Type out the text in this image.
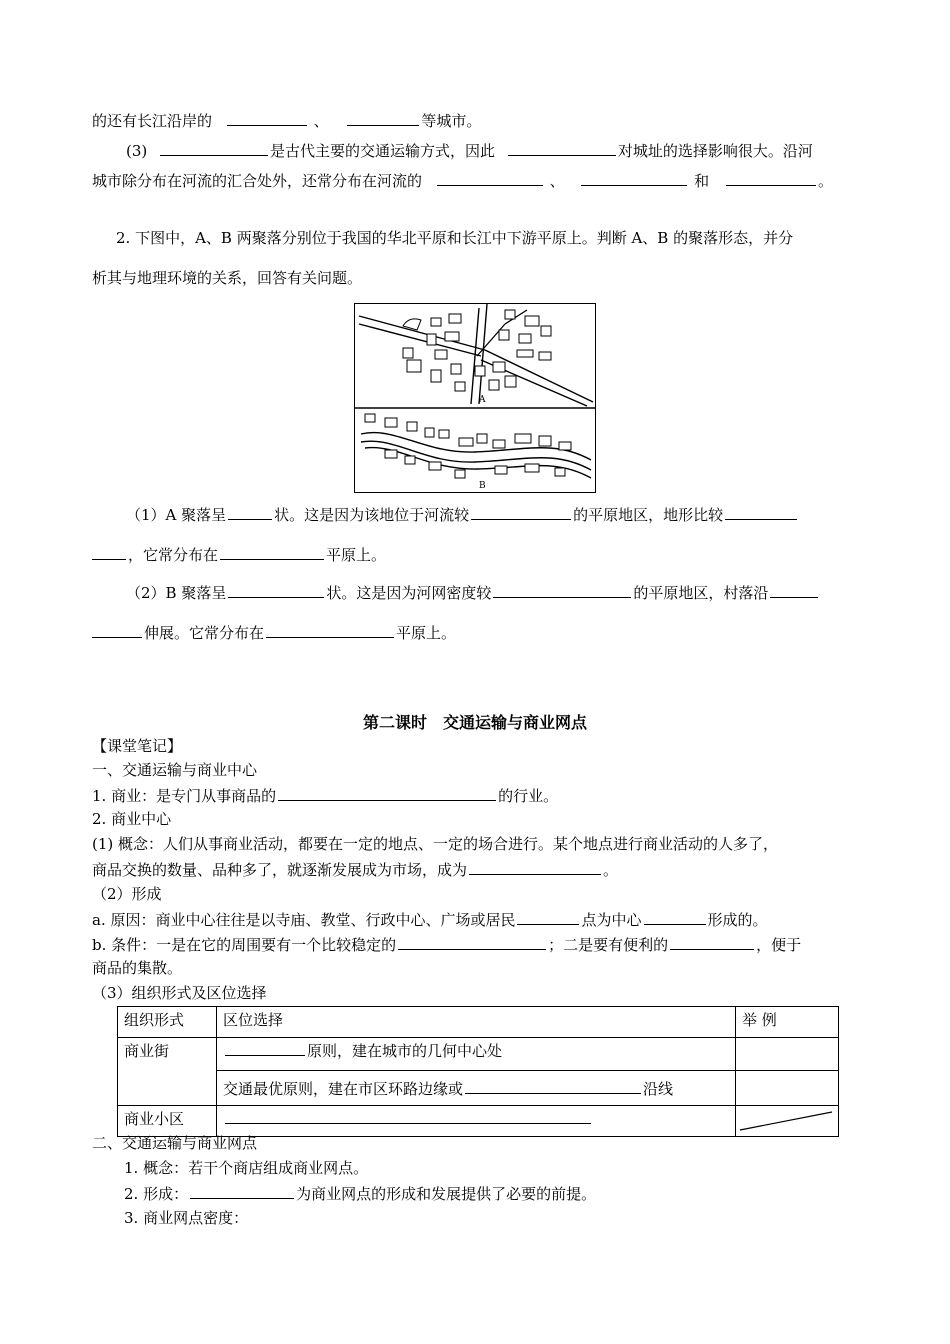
的还有长江沿岸的	、	等城市。
(3)	是古代主要的交通运输方式，因此	对城址的选择影响很大。沿河
城市除分布在河流的汇合处外，还常分布在河流的	、	和	。
2. 下图中，A、B 两聚落分别位于我国的华北平原和长江中下游平原上。判断 A、B 的聚落形态，并分
析其与地理环境的关系，回答有关问题。
A
B
（1）A 聚落呈	状。这是因为该地位于河流较	的平原地区，地形比较
，它常分布在	平原上。
（2）B 聚落呈	状。这是因为河网密度较	的平原地区，村落沿
伸展。它常分布在	平原上。
第二课时　交通运输与商业网点
【课堂笔记】
一、交通运输与商业中心
1. 商业：是专门从事商品的	的行业。
2. 商业中心
(1) 概念：人们从事商业活动，都要在一定的地点、一定的场合进行。某个地点进行商业活动的人多了，
商品交换的数量、品种多了，就逐渐发展成为市场，成为	。
（2）形成
a. 原因：商业中心往往是以寺庙、教堂、行政中心、广场或居民	点为中心	形成的。
b. 条件：一是在它的周围要有一个比较稳定的	；二是要有便利的	，便于
商品的集散。
（3）组织形式及区位选择
组织形式	区位选择	举 例
商业街	原则，建在城市的几何中心处	
	交通最优原则，建在市区环路边缘或 沿线	
商业小区		
二、交通运输与商业网点
1. 概念：若干个商店组成商业网点。
2. 形成：	为商业网点的形成和发展提供了必要的前提。
3. 商业网点密度：
